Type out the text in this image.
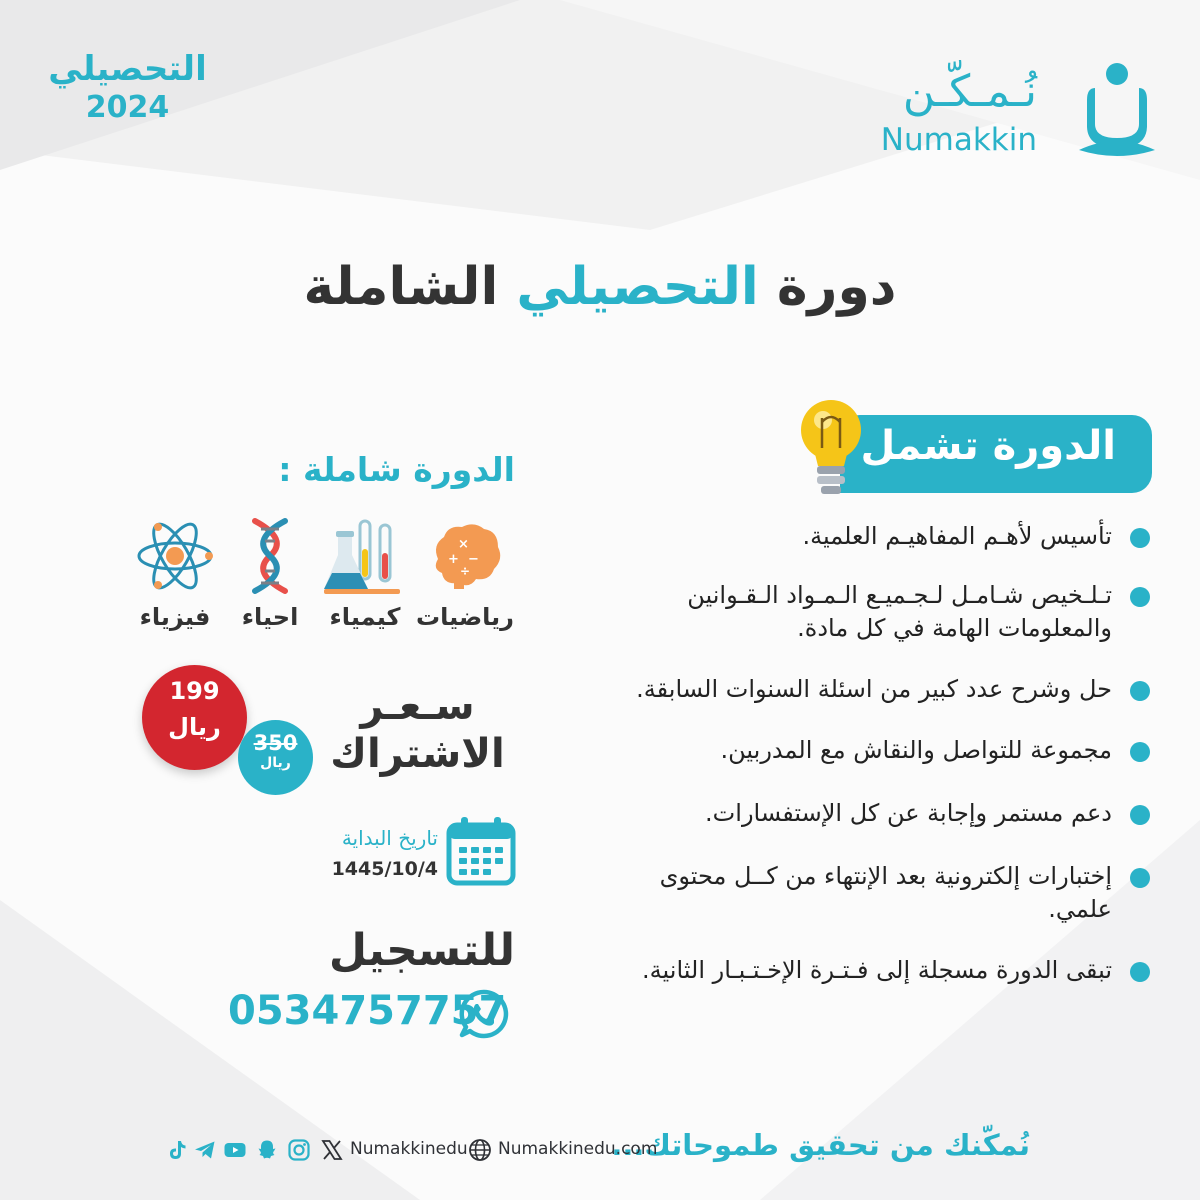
التحصيلي
2024	نُـمـكّـن
Numakkin
دورة التحصيلي الشاملة
الدورة تشمل
تأسيس لأهـم المفاهيـم العلمية.
تـلـخيص شـامـل لـجـميـع الـمـواد الـقـوانين والمعلومات الهامة في كل مادة.
حل وشرح عدد كبير من اسئلة السنوات السابقة.
مجموعة للتواصل والنقاش مع المدربين.
دعم مستمر وإجابة عن كل الإستفسارات.
إختبارات إلكترونية بعد الإنتهاء من كــل محتوى علمي.
تبقى الدورة مسجلة إلى فـتـرة الإخـتـبـار الثانية.
الدورة شاملة :
×
+ −
÷
رياضيات
كيمياء
احياء
فيزياء
سـعـر
الاشتراك
199
ريال
350
ريال
تاريخ البداية
1445/10/4
للتسجيل
0534757757
نُمكّنك من تحقيق طموحاتك...
Numakkinedu.com
Numakkinedu
